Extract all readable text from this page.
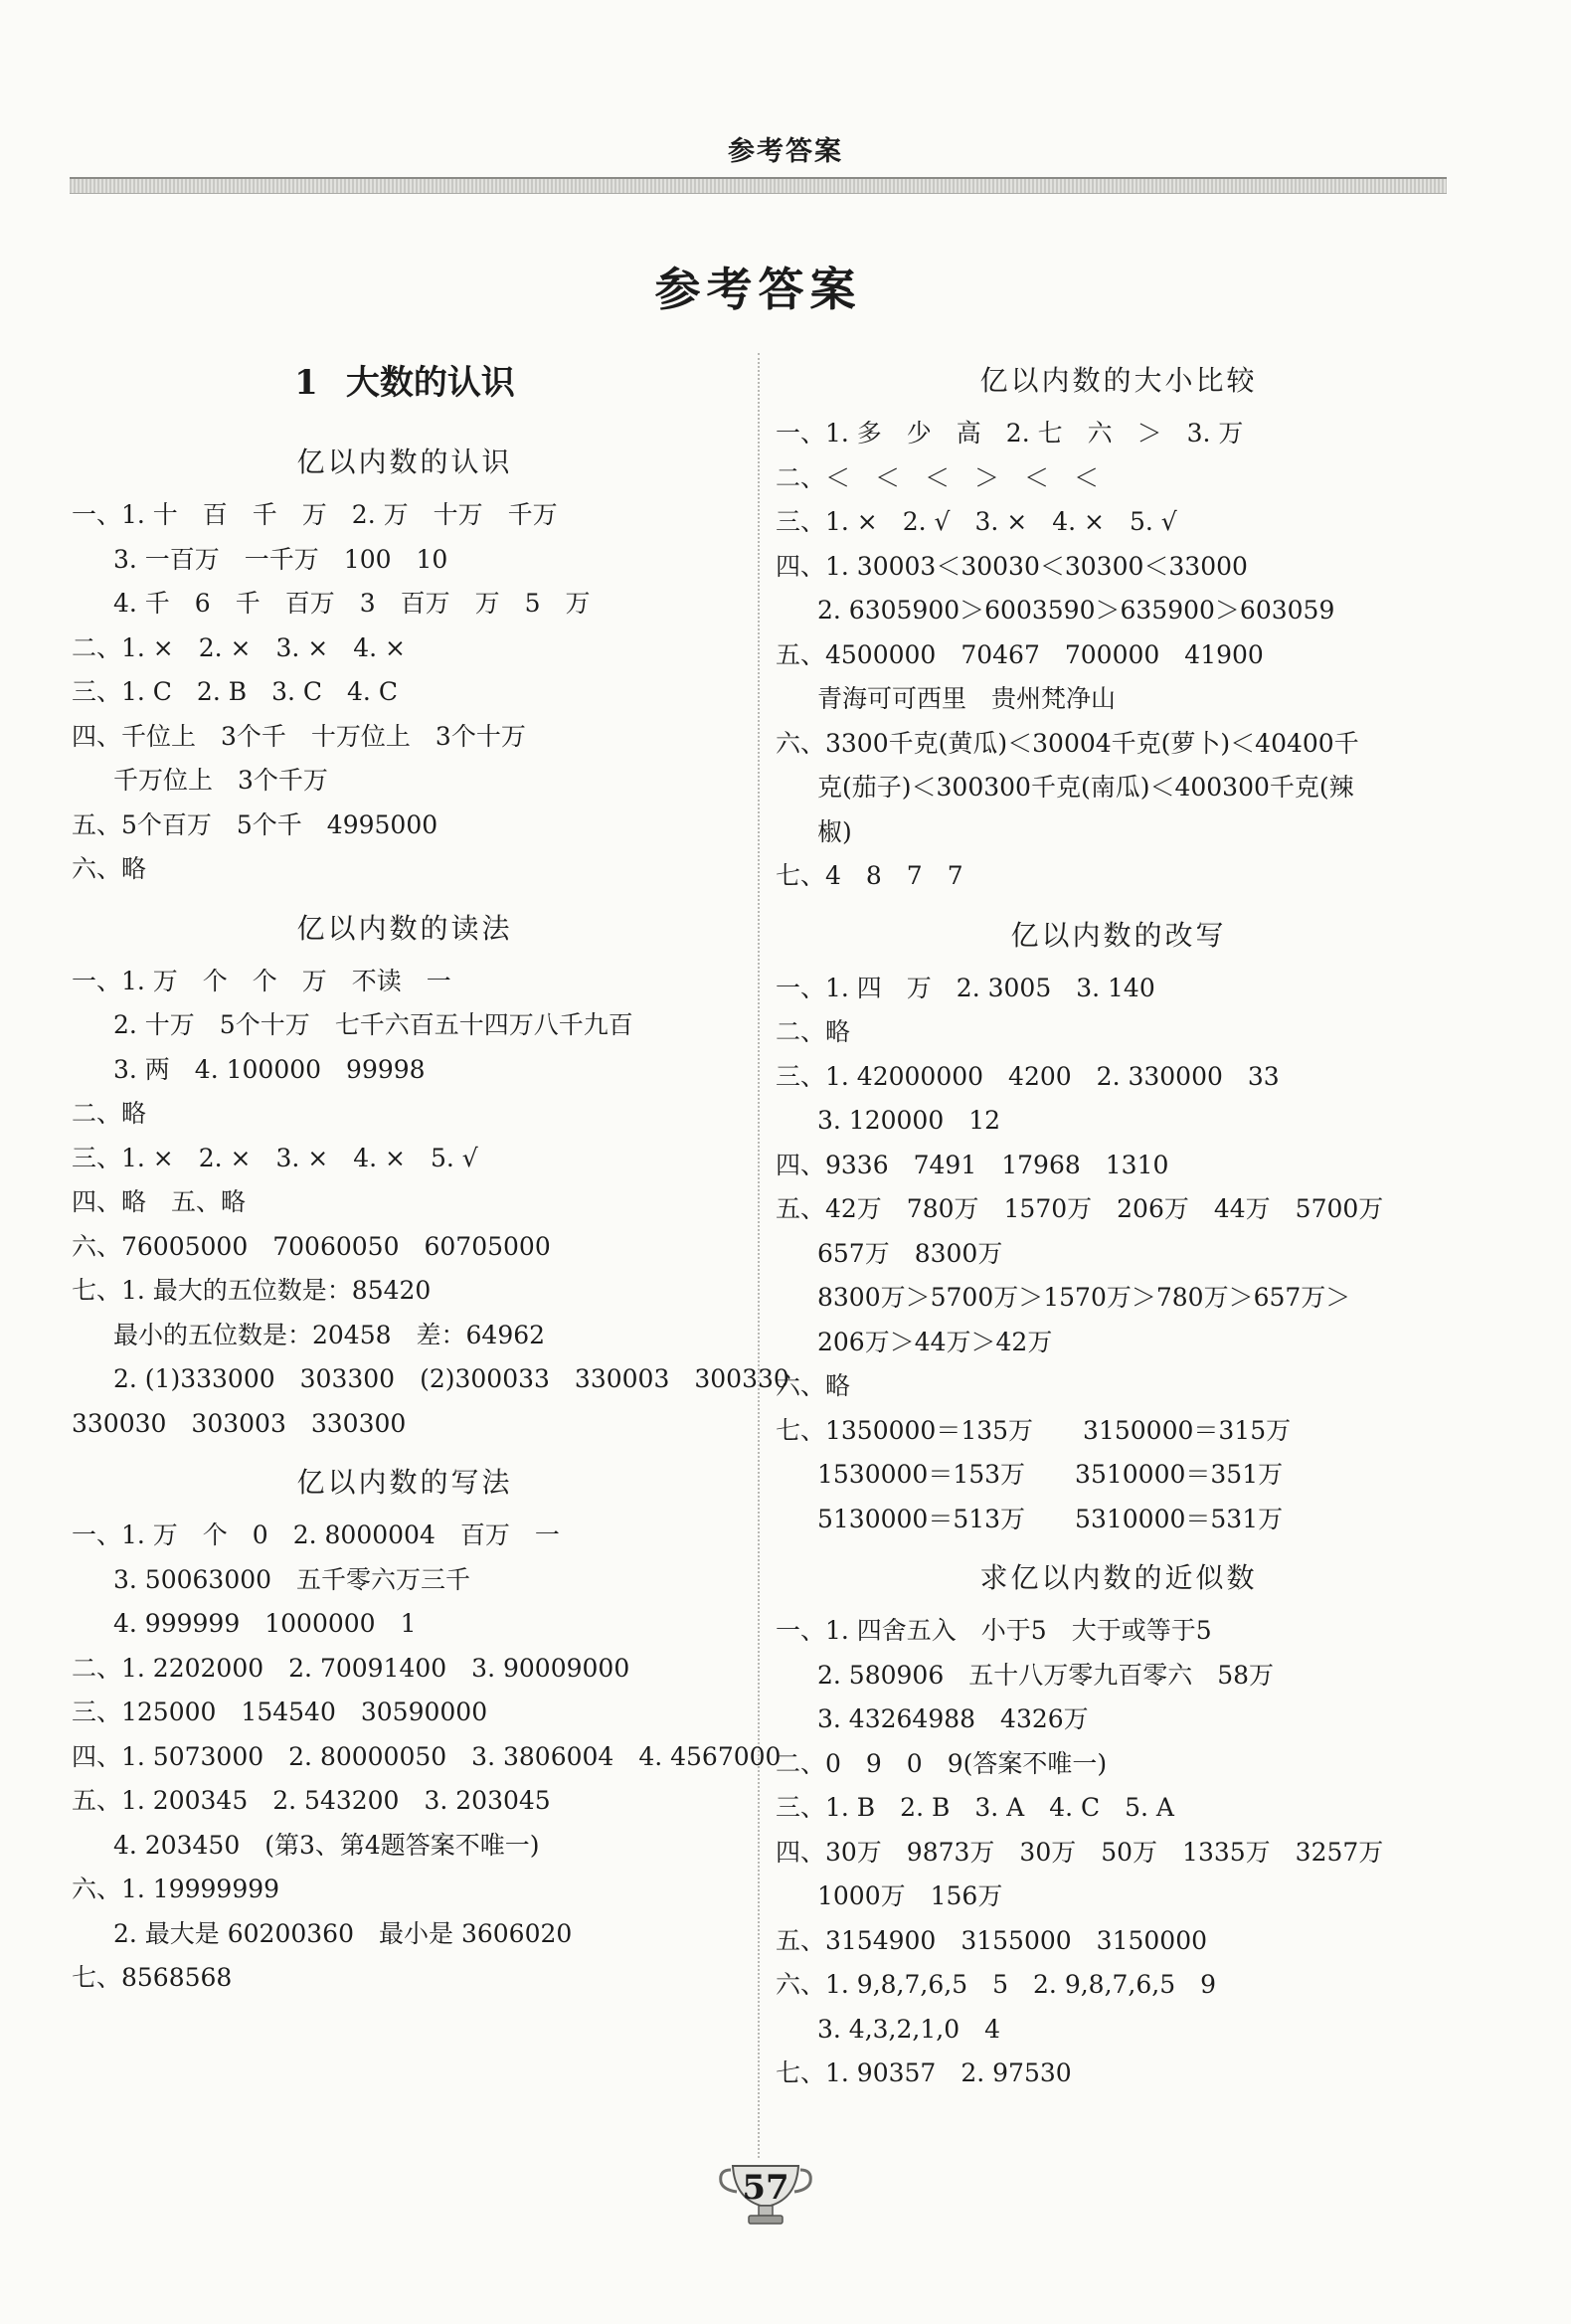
参考答案
参考答案
1 大数的认识
亿以内数的认识
一、1. 十　百　千　万　2. 万　十万　千万
3. 一百万　一千万　100　10
4. 千　6　千　百万　3　百万　万　5　万
二、1. ×　2. ×　3. ×　4. ×
三、1. C　2. B　3. C　4. C
四、千位上　3个千　十万位上　3个十万
千万位上　3个千万
五、5个百万　5个千　4995000
六、略
亿以内数的读法
一、1. 万　个　个　万　不读　一
2. 十万　5个十万　七千六百五十四万八千九百
3. 两　4. 100000　99998
二、略
三、1. ×　2. ×　3. ×　4. ×　5. √
四、略　五、略
六、76005000　70060050　60705000
七、1. 最大的五位数是：85420
最小的五位数是：20458　差：64962
2. (1)333000　303300　(2)300033　330003　300330
330030　303003　330300
亿以内数的写法
一、1. 万　个　0　2. 8000004　百万　一
3. 50063000　五千零六万三千
4. 999999　1000000　1
二、1. 2202000　2. 70091400　3. 90009000
三、125000　154540　30590000
四、1. 5073000　2. 80000050　3. 3806004　4. 4567000
五、1. 200345　2. 543200　3. 203045
4. 203450　(第3、第4题答案不唯一)
六、1. 19999999
2. 最大是 60200360　最小是 3606020
七、8568568
亿以内数的大小比较
一、1. 多　少　高　2. 七　六　＞　3. 万
二、＜　＜　＜　＞　＜　＜
三、1. ×　2. √　3. ×　4. ×　5. √
四、1. 30003＜30030＜30300＜33000
2. 6305900＞6003590＞635900＞603059
五、4500000　70467　700000　41900
青海可可西里　贵州梵净山
六、3300千克(黄瓜)＜30004千克(萝卜)＜40400千
克(茄子)＜300300千克(南瓜)＜400300千克(辣
椒)
七、4　8　7　7
亿以内数的改写
一、1. 四　万　2. 3005　3. 140
二、略
三、1. 42000000　4200　2. 330000　33
3. 120000　12
四、9336　7491　17968　1310
五、42万　780万　1570万　206万　44万　5700万
657万　8300万
8300万＞5700万＞1570万＞780万＞657万＞
206万＞44万＞42万
六、略
七、1350000＝135万　　3150000＝315万
1530000＝153万　　3510000＝351万
5130000＝513万　　5310000＝531万
求亿以内数的近似数
一、1. 四舍五入　小于5　大于或等于5
2. 580906　五十八万零九百零六　58万
3. 43264988　4326万
二、0　9　0　9(答案不唯一)
三、1. B　2. B　3. A　4. C　5. A
四、30万　9873万　30万　50万　1335万　3257万
1000万　156万
五、3154900　3155000　3150000
六、1. 9,8,7,6,5　5　2. 9,8,7,6,5　9
3. 4,3,2,1,0　4
七、1. 90357　2. 97530
57
